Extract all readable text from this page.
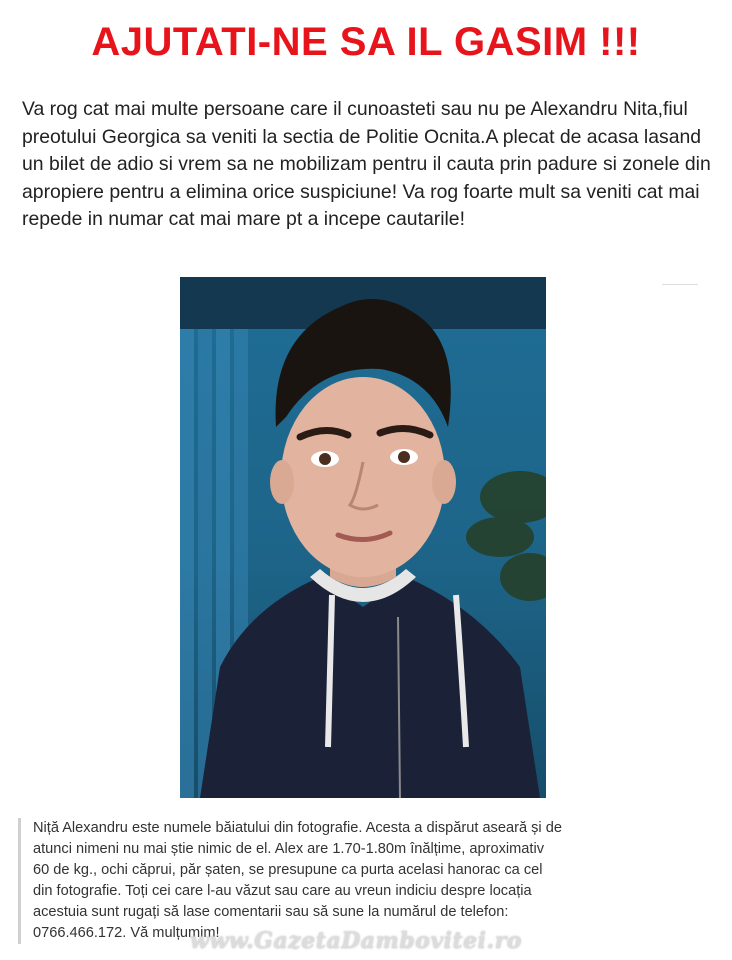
AJUTATI-NE SA IL GASIM !!!

Va rog cat mai multe persoane care il cunoasteti sau nu pe Alexandru Nita,fiul preotului Georgica sa veniti la sectia de Politie Ocnita.A plecat de acasa lasand un bilet de adio si vrem sa ne mobilizam pentru il cauta prin padure si zonele din apropiere pentru a elimina orice suspiciune! Va rog foarte mult sa veniti cat mai repede in numar cat mai mare pt a incepe cautarile!

Niță Alexandru este numele băiatului din fotografie. Acesta a dispărut aseară și de atunci nimeni nu mai știe nimic de el. Alex are 1.70-1.80m înălțime, aproximativ 60 de kg., ochi căprui, păr șaten, se presupune ca purta acelasi hanorac ca cel din fotografie. Toți cei care l-au văzut sau care au vreun indiciu despre locația acestuia sunt rugați să lase comentarii sau să sune la numărul de telefon: 0766.466.172. Vă mulțumim!

www.GazetaDambovitei.ro
